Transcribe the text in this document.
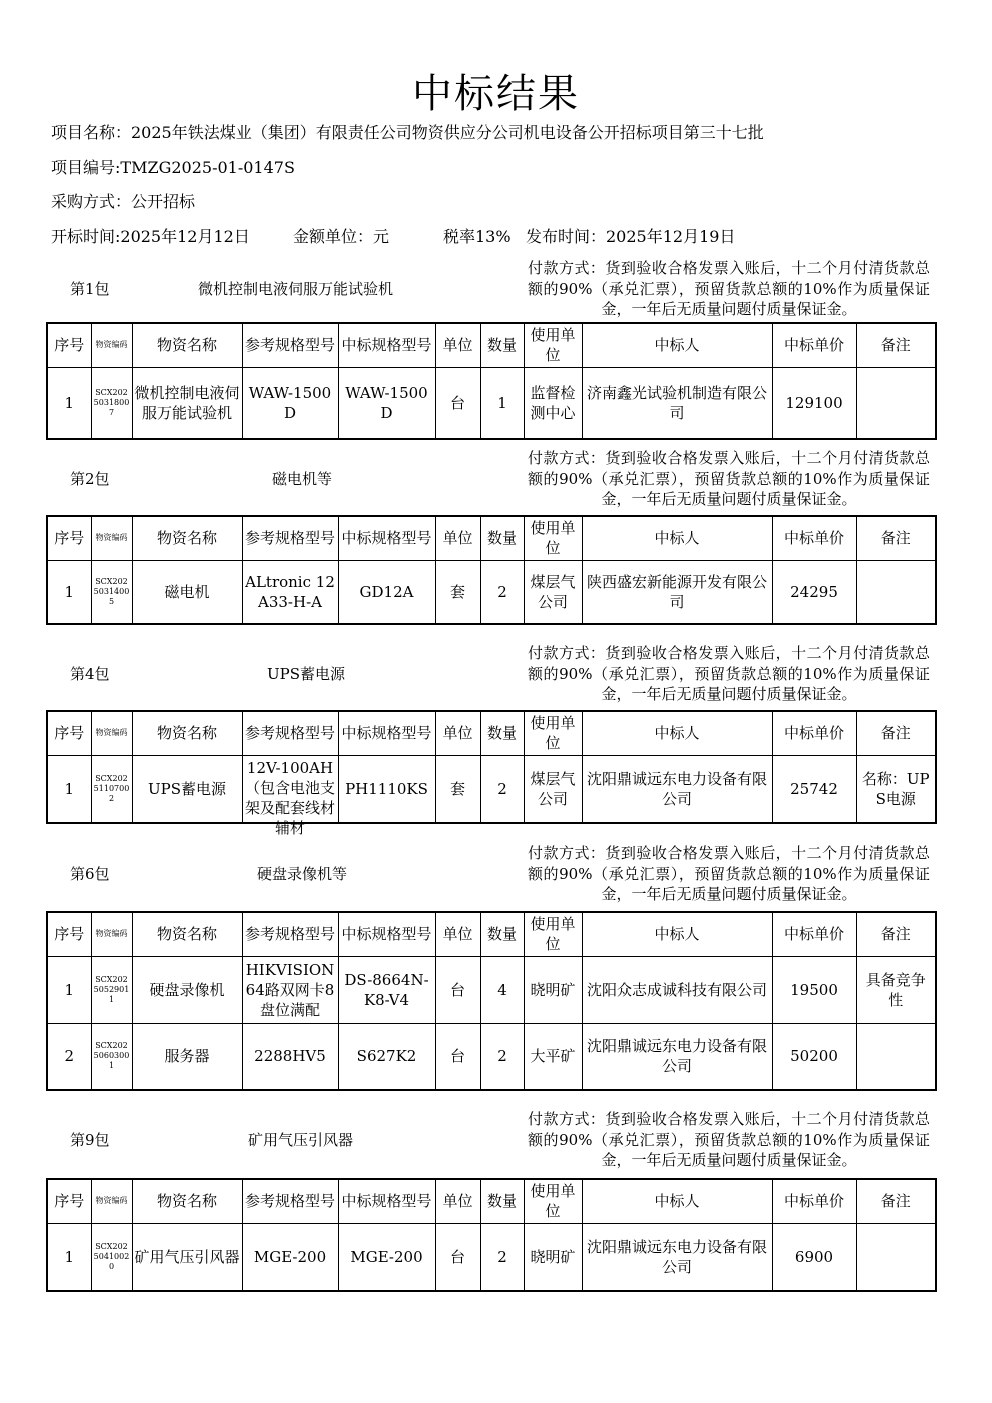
中标结果
项目名称：2025年铁法煤业（集团）有限责任公司物资供应分公司机电设备公开招标项目第三十七批
项目编号:TMZG2025-01-0147S
采购方式：公开招标
开标时间:2025年12月12日	金额单位：元	税率13% 发布时间：2025年12月19日
付款方式：货到验收合格发票入账后，十二个月付清货款总额的90%（承兑汇票），预留货款总额的10%作为质量保证金，一年后无质量问题付质量保证金。
第1包	微机控制电液伺服万能试验机
序号	物资编码	物资名称	参考规格型号	中标规格型号	单位	数量	使用单位	中标人	中标单价	备注

1	SCX20250318007	微机控制电液伺服万能试验机	WAW-1500D	WAW-1500D	台	1	监督检测中心	济南鑫光试验机制造有限公司	129100	

付款方式：货到验收合格发票入账后，十二个月付清货款总额的90%（承兑汇票），预留货款总额的10%作为质量保证金，一年后无质量问题付质量保证金。
第2包	磁电机等
序号	物资编码	物资名称	参考规格型号	中标规格型号	单位	数量	使用单位	中标人	中标单价	备注

1	SCX20250314005	磁电机	ALtronic 12A33-H-A	GD12A	套	2	煤层气公司	陕西盛宏新能源开发有限公司	24295	

付款方式：货到验收合格发票入账后，十二个月付清货款总额的90%（承兑汇票），预留货款总额的10%作为质量保证金，一年后无质量问题付质量保证金。
第4包	UPS蓄电源
序号	物资编码	物资名称	参考规格型号	中标规格型号	单位	数量	使用单位	中标人	中标单价	备注

1	SCX20251107002	UPS蓄电源	12V-100AH（包含电池支架及配套线材辅材	PH1110KS	套	2	煤层气公司	沈阳鼎诚远东电力设备有限公司	25742	名称：UPS电源
付款方式：货到验收合格发票入账后，十二个月付清货款总额的90%（承兑汇票），预留货款总额的10%作为质量保证金，一年后无质量问题付质量保证金。
第6包	硬盘录像机等
序号	物资编码	物资名称	参考规格型号	中标规格型号	单位	数量	使用单位	中标人	中标单价	备注

1	SCX20250529011	硬盘录像机	HIKVISION64路双网卡8盘位满配	DS-8664N-K8-V4	台	4	晓明矿	沈阳众志成诚科技有限公司	19500	具备竞争性

2	SCX20250603001	服务器	2288HV5	S627K2	台	2	大平矿	沈阳鼎诚远东电力设备有限公司	50200	

付款方式：货到验收合格发票入账后，十二个月付清货款总额的90%（承兑汇票），预留货款总额的10%作为质量保证金，一年后无质量问题付质量保证金。
第9包	矿用气压引风器
序号	物资编码	物资名称	参考规格型号	中标规格型号	单位	数量	使用单位	中标人	中标单价	备注

1	SCX20250410020	矿用气压引风器	MGE-200	MGE-200	台	2	晓明矿	沈阳鼎诚远东电力设备有限公司	6900	
